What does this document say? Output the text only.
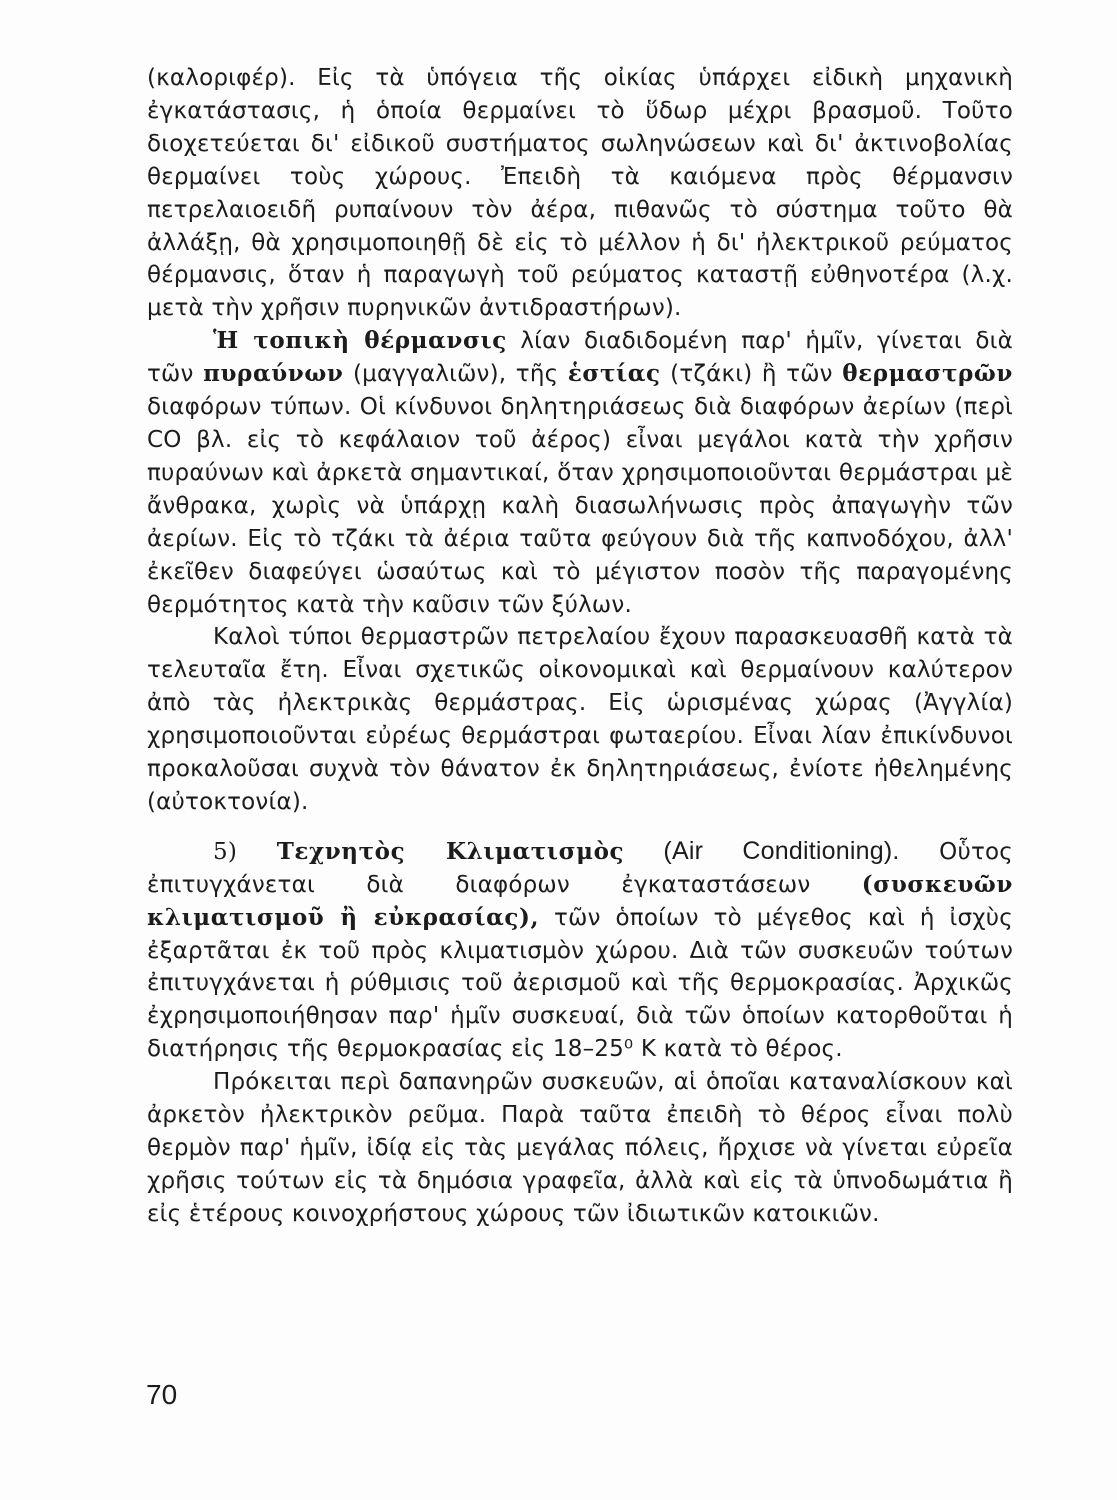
(καλοριφέρ). Εἰς τὰ ὑπόγεια τῆς οἰκίας ὑπάρχει εἰδικὴ μηχανικὴ ἐγκατάστασις, ἡ ὁποία θερμαίνει τὸ ὕδωρ μέχρι βρασμοῦ. Τοῦτο διοχετεύεται δι' εἰδικοῦ συστήματος σωληνώσεων καὶ δι' ἀκτινοβολίας θερμαίνει τοὺς χώρους. Ἐπειδὴ τὰ καιόμενα πρὸς θέρμανσιν πετρελαιοειδῆ ρυπαίνουν τὸν ἀέρα, πιθανῶς τὸ σύστημα τοῦτο θὰ ἀλλάξῃ, θὰ χρησιμοποιηθῇ δὲ εἰς τὸ μέλλον ἡ δι' ἠλεκτρικοῦ ρεύματος θέρμανσις, ὅταν ἡ παραγωγὴ τοῦ ρεύματος καταστῇ εὐθηνοτέρα (λ.χ. μετὰ τὴν χρῆσιν πυρηνικῶν ἀντιδραστήρων).

Ἡ τοπικὴ θέρμανσις λίαν διαδιδομένη παρ' ἡμῖν, γίνεται διὰ τῶν πυραύνων (μαγγαλιῶν), τῆς ἑστίας (τζάκι) ἢ τῶν θερμαστρῶν διαφόρων τύπων. Οἱ κίνδυνοι δηλητηριάσεως διὰ διαφόρων ἀερίων (περὶ CO βλ. εἰς τὸ κεφάλαιον τοῦ ἀέρος) εἶναι μεγάλοι κατὰ τὴν χρῆσιν πυραύνων καὶ ἀρκετὰ σημαντικαί, ὅταν χρησιμοποιοῦνται θερμάστραι μὲ ἄνθρακα, χωρὶς νὰ ὑπάρχῃ καλὴ διασωλήνωσις πρὸς ἀπαγωγὴν τῶν ἀερίων. Εἰς τὸ τζάκι τὰ ἀέρια ταῦτα φεύγουν διὰ τῆς καπνοδόχου, ἀλλ' ἐκεῖθεν διαφεύγει ὡσαύτως καὶ τὸ μέγιστον ποσὸν τῆς παραγομένης θερμότητος κατὰ τὴν καῦσιν τῶν ξύλων.

Καλοὶ τύποι θερμαστρῶν πετρελαίου ἔχουν παρασκευασθῆ κατὰ τὰ τελευταῖα ἔτη. Εἶναι σχετικῶς οἰκονομικαὶ καὶ θερμαίνουν καλύτερον ἀπὸ τὰς ἠλεκτρικὰς θερμάστρας. Εἰς ὡρισμένας χώρας (Ἀγγλία) χρησιμοποιοῦνται εὐρέως θερμάστραι φωταερίου. Εἶναι λίαν ἐπικίνδυνοι προκαλοῦσαι συχνὰ τὸν θάνατον ἐκ δηλητηριάσεως, ἐνίοτε ἠθελημένης (αὐτοκτονία).

5) Τεχνητὸς Κλιματισμὸς (Air Conditioning). Οὗτος ἐπιτυγχάνεται διὰ διαφόρων ἐγκαταστάσεων (συσκευῶν κλιματισμοῦ ἢ εὐκρασίας), τῶν ὁποίων τὸ μέγεθος καὶ ἡ ἰσχὺς ἐξαρτᾶται ἐκ τοῦ πρὸς κλιματισμὸν χώρου. Διὰ τῶν συσκευῶν τούτων ἐπιτυγχάνεται ἡ ρύθμισις τοῦ ἀερισμοῦ καὶ τῆς θερμοκρασίας. Ἀρχικῶς ἐχρησιμοποιήθησαν παρ' ἡμῖν συσκευαί, διὰ τῶν ὁποίων κατορθοῦται ἡ διατήρησις τῆς θερμοκρασίας εἰς 18–25⁰ Κ κατὰ τὸ θέρος.

Πρόκειται περὶ δαπανηρῶν συσκευῶν, αἱ ὁποῖαι καταναλίσκουν καὶ ἀρκετὸν ἠλεκτρικὸν ρεῦμα. Παρὰ ταῦτα ἐπειδὴ τὸ θέρος εἶναι πολὺ θερμὸν παρ' ἡμῖν, ἰδίᾳ εἰς τὰς μεγάλας πόλεις, ἤρχισε νὰ γίνεται εὐρεῖα χρῆσις τούτων εἰς τὰ δημόσια γραφεῖα, ἀλλὰ καὶ εἰς τὰ ὑπνοδωμάτια ἢ εἰς ἑτέρους κοινοχρήστους χώρους τῶν ἰδιωτικῶν κατοικιῶν.

70
